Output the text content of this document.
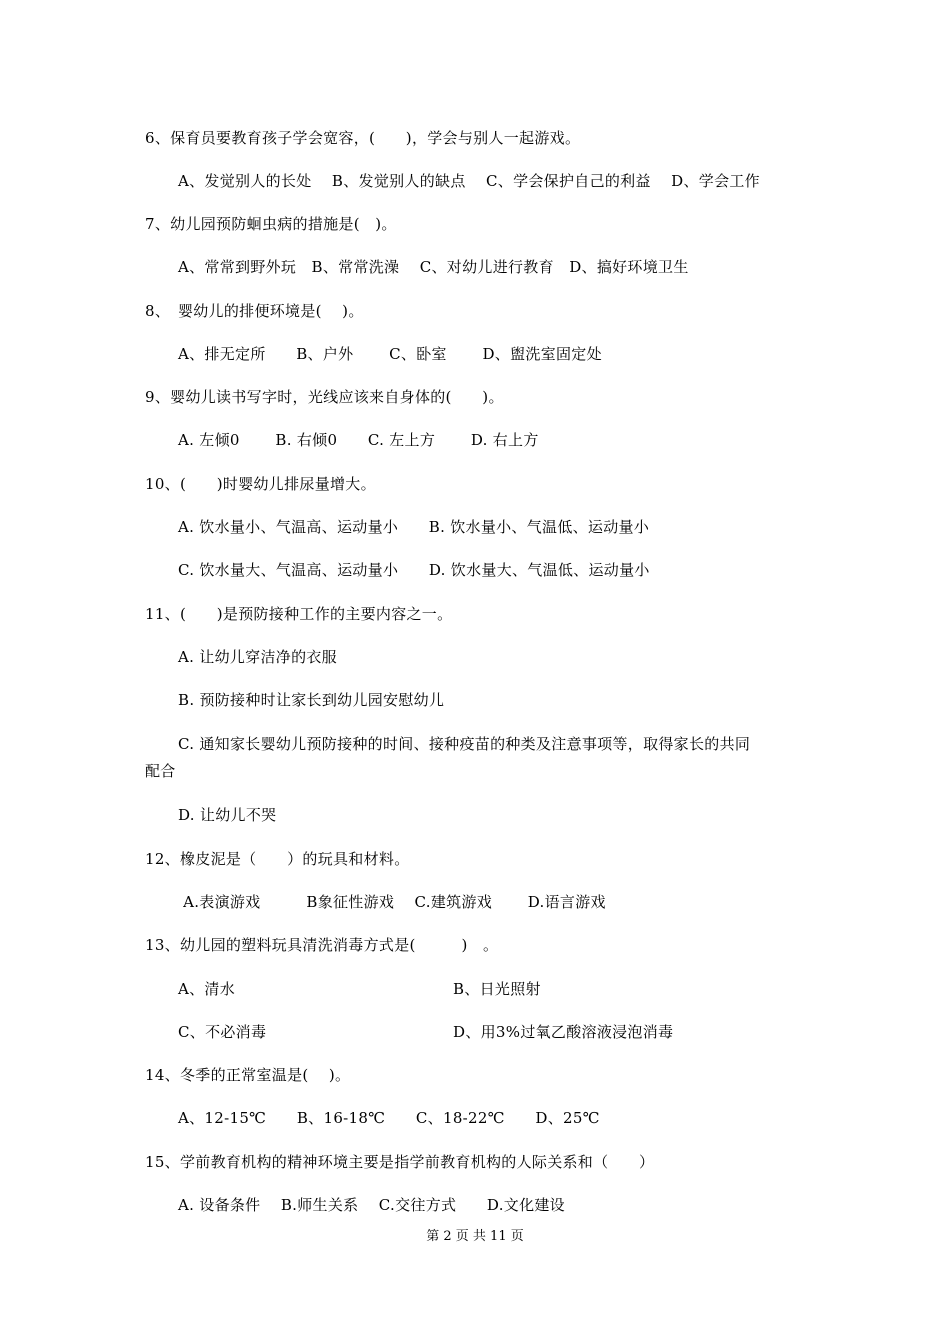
6、保育员要教育孩子学会宽容，(　　)，学会与别人一起游戏。
A、发觉别人的长处　 B、发觉别人的缺点　 C、学会保护自己的利益　 D、学会工作
7、幼儿园预防蛔虫病的措施是(　)。
A、常常到野外玩　B、常常洗澡　 C、对幼儿进行教育　D、搞好环境卫生
8、　婴幼儿的排便环境是(　 )。
A、排无定所　　B、户外　　 C、卧室　　 D、盥洗室固定处
9、婴幼儿读书写字时，光线应该来自身体的(　　)。
A. 左倾0　　 B. 右倾0　　C. 左上方　　 D. 右上方
10、(　　)时婴幼儿排尿量增大。
A. 饮水量小、气温高、运动量小　　B. 饮水量小、气温低、运动量小
C. 饮水量大、气温高、运动量小　　D. 饮水量大、气温低、运动量小
11、(　　)是预防接种工作的主要内容之一。
A. 让幼儿穿洁净的衣服
B. 预防接种时让家长到幼儿园安慰幼儿
C. 通知家长婴幼儿预防接种的时间、接种疫苗的种类及注意事项等，取得家长的共同
配合
D. 让幼儿不哭
12、橡皮泥是（　　）的玩具和材料。
A.表演游戏　　　B象征性游戏　 C.建筑游戏　　 D.语言游戏
13、幼儿园的塑料玩具清洗消毒方式是(　　　)　。
A、清水	B、日光照射
C、不必消毒	D、用3%过氧乙酸溶液浸泡消毒
14、冬季的正常室温是(　 )。
A、12-15℃　　B、16-18℃　　C、18-22℃　　D、25℃
15、学前教育机构的精神环境主要是指学前教育机构的人际关系和（　　）
A. 设备条件　 B.师生关系　 C.交往方式　　D.文化建设
第 2 页 共 11 页
